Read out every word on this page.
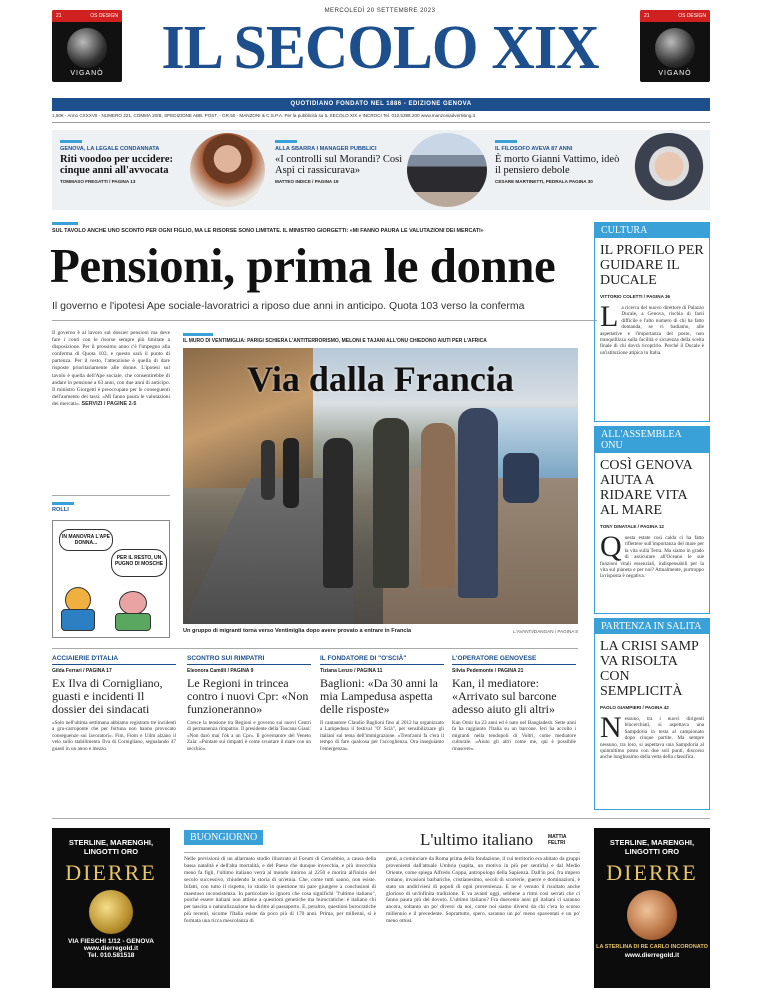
21	OS DESIGN
VIGANÒ
21	OS DESIGN
VIGANÒ
MERCOLEDÌ 20 SETTEMBRE 2023
IL SECOLO XIX
QUOTIDIANO FONDATO NEL 1886 - EDIZIONE GENOVA
1,50€ - Anno CXXXVII - NUMERO 221, COMMA 20/B, SPEDIZIONE ABB. POST. - GR.50 - MANZONI & C.S.P.A. Per la pubblicità su IL SECOLO XIX e INCROCI Tel. 010.5388.200 www.manzoniadvertising.it
GENOVA, LA LEGALE CONDANNATA
Riti voodoo per uccidere: cinque anni all'avvocata
TOMMASO FREGATTI / PAGINA 13
ALLA SBARRA I MANAGER PUBBLICI
«I controlli sul Morandi? Così Aspi ci rassicurava»
MATTEO INDICE / PAGINA 19
IL FILOSOFO AVEVA 87 ANNI
È morto Gianni Vattimo, ideò il pensiero debole
CESARE MARTINETTI, PEDRALA PAGINA 30
SUL TAVOLO ANCHE UNO SCONTO PER OGNI FIGLIO, MA LE RISORSE SONO LIMITATE. IL MINISTRO GIORGETTI: «MI FANNO PAURA LE VALUTAZIONI DEI MERCATI»
Pensioni, prima le donne
Il governo e l'ipotesi Ape sociale-lavoratrici a riposo due anni in anticipo. Quota 103 verso la conferma
Il governo è al lavoro sul dossier pensioni ma deve fare i conti con le risorse sempre più limitate a disposizione. Per il prossimo anno c'è l'impegno alla conferma di Quota 103, e questo sarà il punto di partenza. Per il resto, l'attenzione è quella di dare risposte prioritariamente alle donne. L'ipotesi sul tavolo è quella dell'Ape sociale, che consentirebbe di andare in pensione a 63 anni, con due anni di anticipo. Il ministro Giorgetti è preoccupato per le conseguenti dell'aumento dei tassi: «Mi fanno paura le valutazioni dei mercati». SERVIZI / PAGINE 2-5
ROLLI
IN MANOVRA L'APE DONNA...
PER IL RESTO, UN PUGNO DI MOSCHE
IL MURO DI VENTIMIGLIA: PARIGI SCHIERA L'ANTITERRORISMO, MELONI E TAJANI ALL'ONU CHIEDONO AIUTI PER L'AFRICA
Via dalla Francia
Un gruppo di migranti torna verso Ventimiglia dopo avere provato a entrare in Francia	L'AVANTI/DANGAN / PAGINA 8
ACCIAIERIE D'ITALIA
Gilda Ferrari / PAGINA 17
Ex Ilva di Cornigliano, guasti e incidenti Il dossier dei sindacati
«Solo nell'ultima settimana abbiamo registrato tre incidenti a gru-carroponte che per fortuna non hanno provocato conseguenze sui lavoratori». Fim, Fiom e Uilm alzano il velo sullo stabilimento Ilva di Cornigliano, segnalando 47 guasti in un anno e mezzo.
SCONTRO SUI RIMPATRI
Eleonora Camilli / PAGINA 9
Le Regioni in trincea contro i nuovi Cpr: «Non funzioneranno»
Cresce la tensione tra Regioni e governo sui nuovi Centri di permanenza rimpatrio. Il presidente della Toscana Giani: «Non darò mai l'ok a un Cpr». Il governatore del Veneto Zaia: «Puntare sui rimpatri è come svuotare il mare con un secchio».
IL FONDATORE DI "O'SCIÀ"
Tiziana Lenzo / PAGINA 11
Baglioni: «Da 30 anni la mia Lampedusa aspetta delle risposte»
Il cantautore Claudio Baglioni fino al 2012 ha organizzato a Lampedusa il festival "O' Scià", per sensibilizzare gli italiani sul tema dell'immigrazione. «Trent'anni fa c'era il tempo di fare qualcosa per l'accoglienza. Ora inseguiamo l'emergenza».
L'OPERATORE GENOVESE
Silvia Pedemonte / PAGINA 21
Kan, il mediatore: «Arrivato sul barcone adesso aiuto gli altri»
Kan Omir ha 23 anni ed è nato nel Bangladesh. Sette anni fa ha raggiunto l'Italia su un barcone. Ieri ha accolto i migranti nella tendopoli di Voltri, come mediatore culturale. «Aiuto gli altri come me, qui è possibile rinascere».
CULTURA
IL PROFILO PER GUIDARE IL DUCALE
VITTORIO COLETTI / PAGINA 36
La ricerca del nuovo direttore di Palazzo Ducale, a Genova, rischia di farsi difficile e l'alto numero di chi ha fatto domanda, se vi badiamo, alle aspettative e l'importanza del posto, non tranquillizza sulla facilità e sicurezza della scelta finale di chi dovrà ricoprirlo. Perché il Ducale è un'istituzione atipica in Italia.
ALL'ASSEMBLEA ONU
COSÌ GENOVA AIUTA A RIDARE VITA AL MARE
TONY DINATALE / PAGINA 12
Questa estate così calda ci ha fatto riflettere sull'importanza del mare per la vita sulla Terra. Ma siamo in grado di assicurare all'Oceano le sue funzioni vitali essenziali, indispensabili per la vita sul pianeta e per noi? Attualmente, purtroppo la risposta è negativa.
PARTENZA IN SALITA
LA CRISI SAMP VA RISOLTA CON SEMPLICITÀ
PAOLO GIAMPIERI / PAGINA 42
Nessuno, tra i nuovi dirigenti blucerchiati, si aspettava una Sampdoria in testa al campionato dopo cinque partite. Ma sempre nessuno, tra loro, si aspettava una Sampdoria al quintultimo posto con due soli punti, discorso anche lunghissimo della vetta della classifica.
STERLINE, MARENGHI,
LINGOTTI ORO
DIERRE
VIA FIESCHI 1/12 - GENOVA
www.dierregold.it
Tel. 010.581518
STERLINE, MARENGHI,
LINGOTTI ORO
DIERRE
LA STERLINA DI RE CARLO INCORONATO
www.dierregold.it
BUONGIORNO	L'ultimo italiano	MATTIA FELTRI
Nelle previsioni di un allarmato studio illustrato al Forum di Cernobbio, a causa della bassa natalità e dell'alta mortalità, e del Paese che dunque invecchia, e più invecchia meno fa figli, l'ultimo italiano verrà al mondo intorno al 2250 e morirà all'inizio del secolo successivo, chiudendo la storia di un'etnia. Che, come tutti sanno, non esiste. Infatti, con tutto il rispetto, lo studio in questione mi pare giungere a conclusioni di maestoso inconsistenza. In particolare io ignoro che cosa significhi "l'ultimo italiano", poiché essere italiani non attiene a questioni genetiche ma burocratiche: è italiano chi per nascita o naturalizzazione ha diritto al passaporto. E, peraltro, questioni burocratiche più recenti, sicome l'Italia esiste da poco più di 170 anni. Prima, per millenni, si è formata una ricca mescolanza di
genti, a cominciare da Roma prima della fondazione, il cui territorio era abitato da gruppi provenienti dall'attuale Umbria (sapita, un motivo in più per sentirla) e dal Medio Oriente, come spiega Alfredo Coppa, antropologo della Sapienza. Dall'in poi, fra impero romano, invasioni barbariche, cristianesimo, secoli di scorrerie, guerre e dominazioni, è stato un andirivieni di popoli di ogni provenienza. E ne è venuto il risultato anche glorioso di un'infinita tradizione. E va avanti oggi, sebbene a ritmi così serrati che ci fanno paura più del dovuto. L'ultimo italiano? Fra duecento anni gli italiani ci saranno ancora, soltanto un po' diversi da noi, come noi siamo diversi da chi c'era lo scorso millennio e il precedente. Soprattutto, spero, saranno un po' meno spaventati e un po' meno ottusi.
